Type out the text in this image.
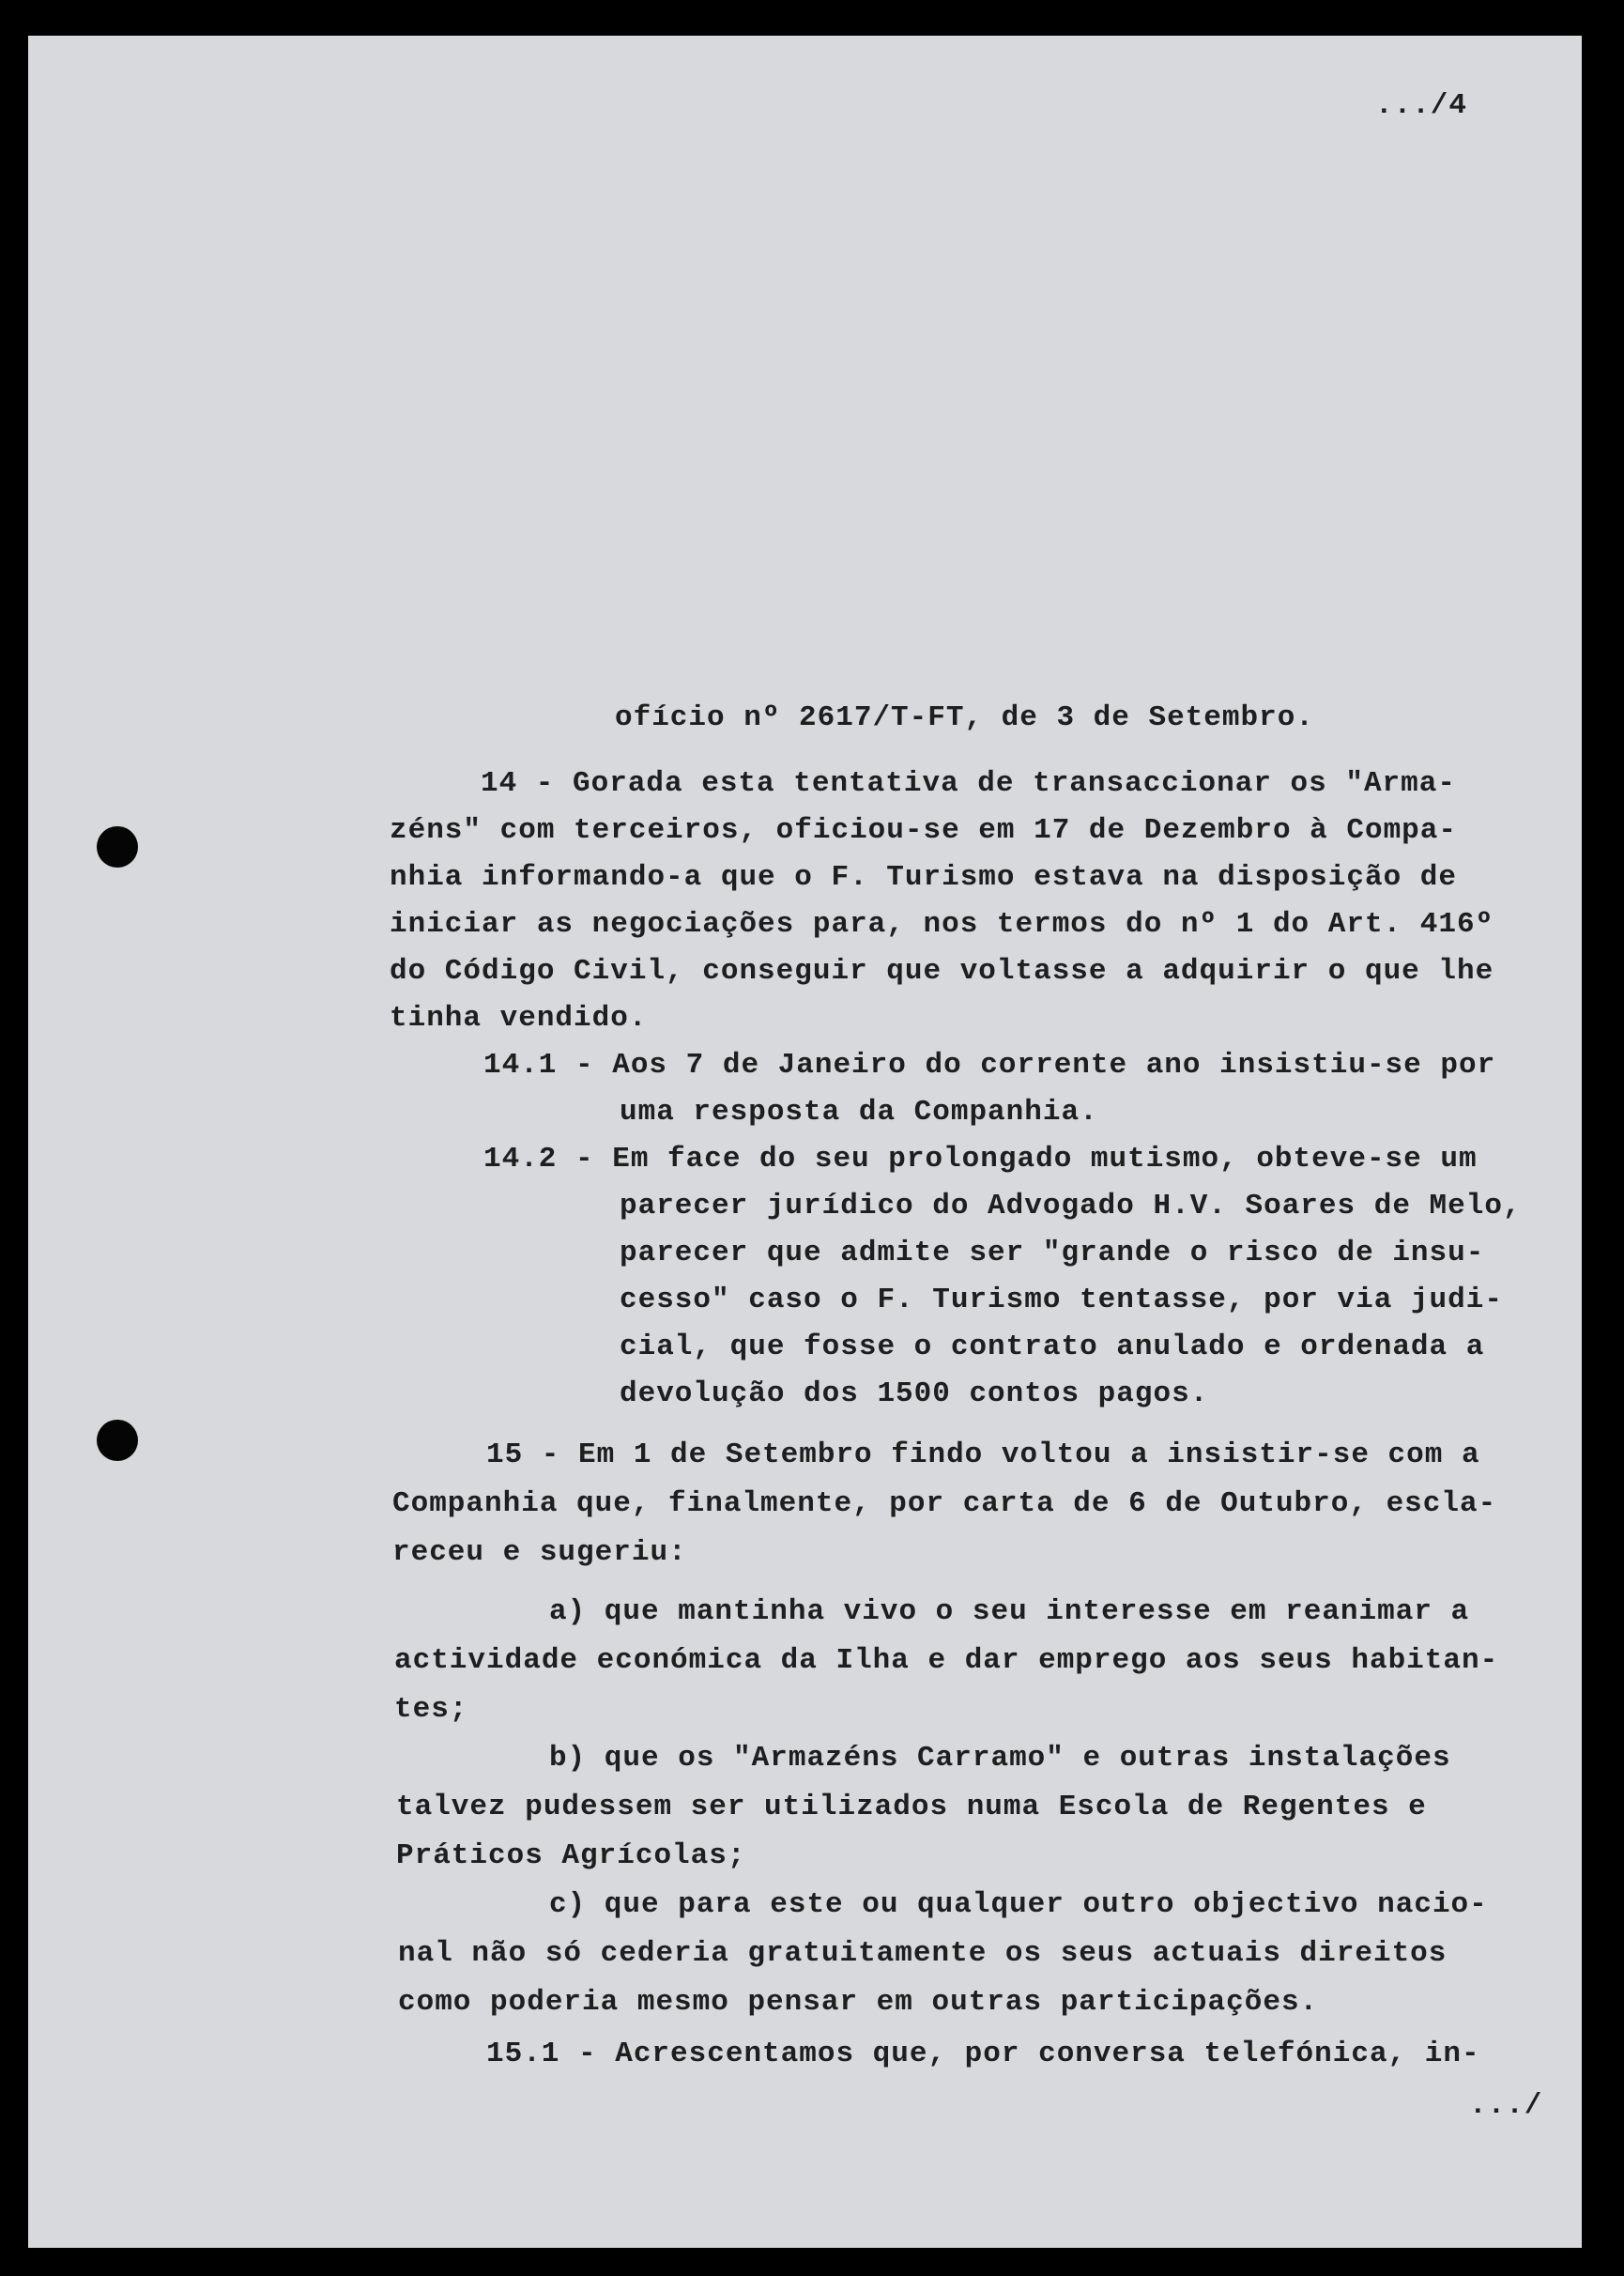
.../4
ofício nº 2617/T-FT, de 3 de Setembro.
14 - Gorada esta tentativa de transaccionar os "Arma-
zéns" com terceiros, oficiou-se em 17 de Dezembro à Compa-
nhia informando-a que o F. Turismo estava na disposição de
iniciar as negociações para, nos termos do nº 1 do Art. 416º
do Código Civil, conseguir que voltasse a adquirir o que lhe
tinha vendido.
14.1 - Aos 7 de Janeiro do corrente ano insistiu-se por
uma resposta da Companhia.
14.2 - Em face do seu prolongado mutismo, obteve-se um
parecer jurídico do Advogado H.V. Soares de Melo,
parecer que admite ser "grande o risco de insu-
cesso" caso o F. Turismo tentasse, por via judi-
cial, que fosse o contrato anulado e ordenada a
devolução dos 1500 contos pagos.
15 - Em 1 de Setembro findo voltou a insistir-se com a
Companhia que, finalmente, por carta de 6 de Outubro, escla-
receu e sugeriu:
a) que mantinha vivo o seu interesse em reanimar a
actividade económica da Ilha e dar emprego aos seus habitan-
tes;
b) que os "Armazéns Carramo" e outras instalações
talvez pudessem ser utilizados numa Escola de Regentes e
Práticos Agrícolas;
c) que para este ou qualquer outro objectivo nacio-
nal não só cederia gratuitamente os seus actuais direitos
como poderia mesmo pensar em outras participações.
15.1 - Acrescentamos que, por conversa telefónica, in-
.../
